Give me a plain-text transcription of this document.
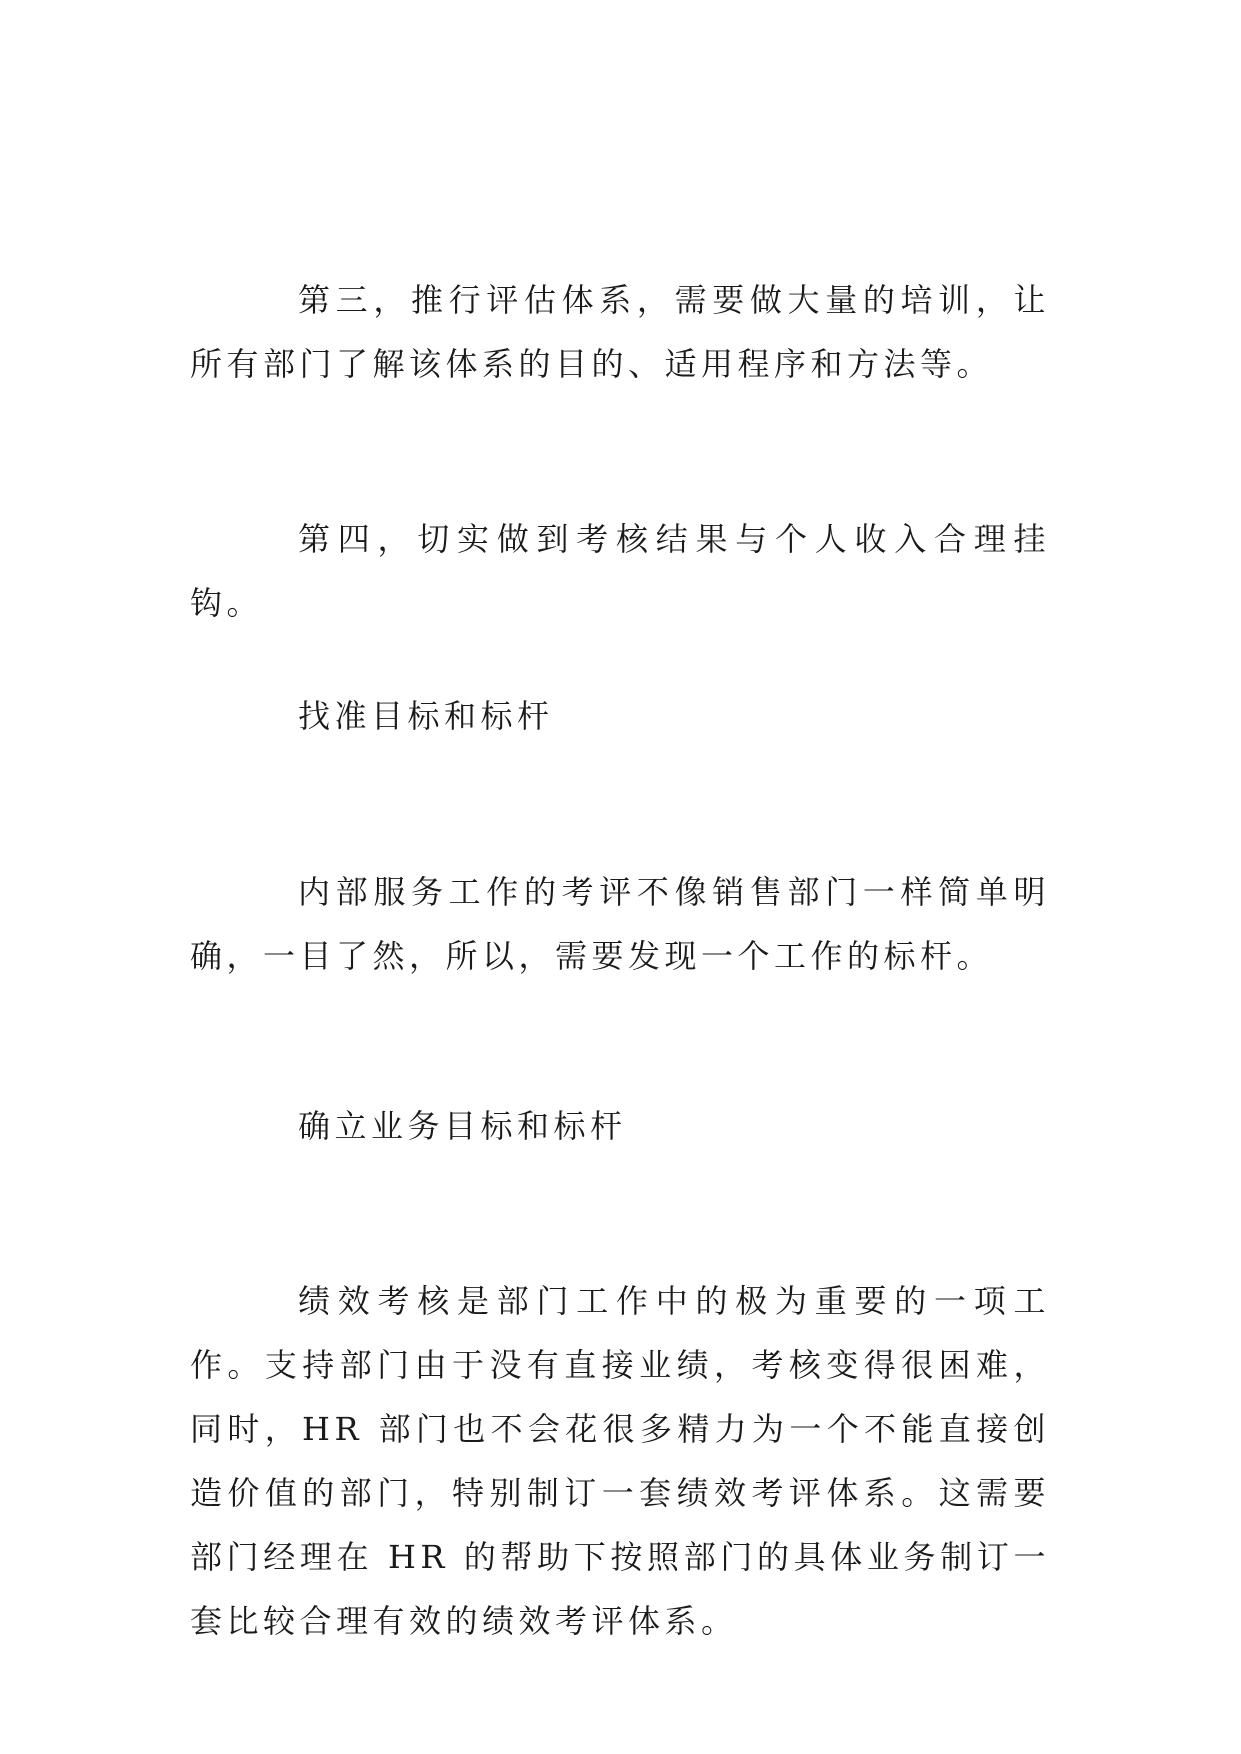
第三，推行评估体系，需要做大量的培训，让所有部门了解该体系的目的、适用程序和方法等。

第四，切实做到考核结果与个人收入合理挂钩。

找准目标和标杆

内部服务工作的考评不像销售部门一样简单明确，一目了然，所以，需要发现一个工作的标杆。

确立业务目标和标杆

绩效考核是部门工作中的极为重要的一项工作。支持部门由于没有直接业绩，考核变得很困难，同时，HR 部门也不会花很多精力为一个不能直接创造价值的部门，特别制订一套绩效考评体系。这需要部门经理在 HR 的帮助下按照部门的具体业务制订一套比较合理有效的绩效考评体系。
